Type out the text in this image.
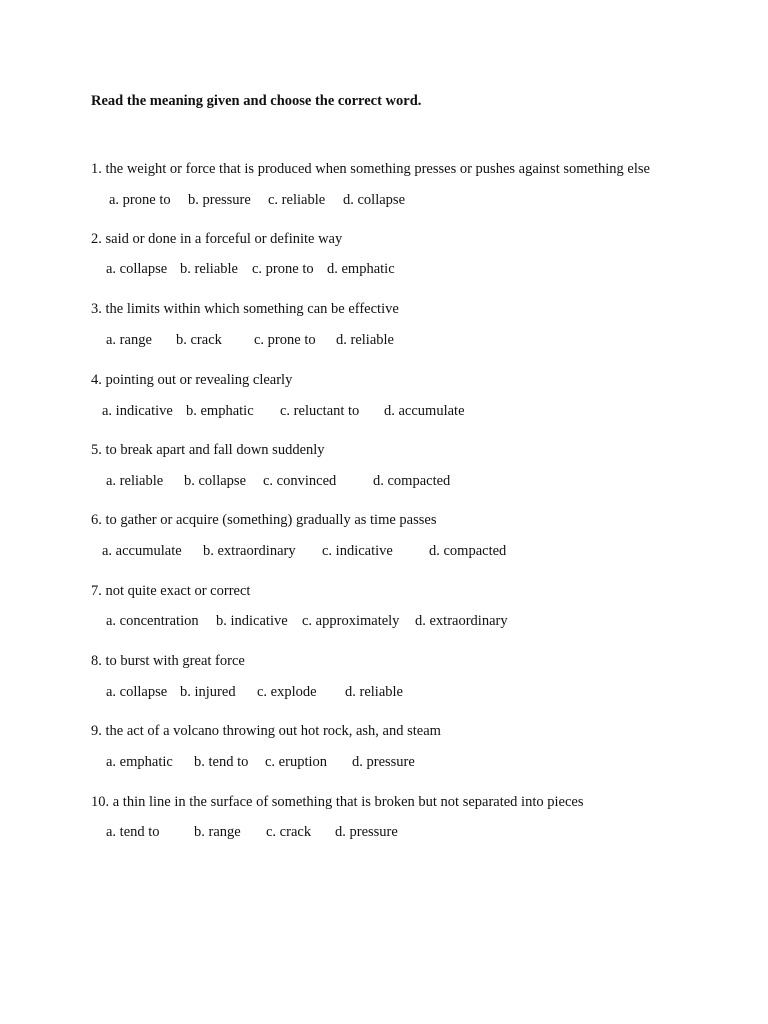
Read the meaning given and choose the correct word.
1. the weight or force that is produced when something presses or pushes against something else
a. prone to b. pressure c. reliable d. collapse
2. said or done in a forceful or definite way
a. collapse b. reliable c. prone to d. emphatic
3. the limits within which something can be effective
a. range b. crack c. prone to d. reliable
4. pointing out or revealing clearly
a. indicative b. emphatic c. reluctant to d. accumulate
5. to break apart and fall down suddenly
a. reliable b. collapse c. convinced	d. compacted
6. to gather or acquire (something) gradually as time passes
a. accumulate b. extraordinary c. indicative d. compacted
7. not quite exact or correct
a. concentration b. indicative c. approximately d. extraordinary
8. to burst with great force
a. collapse b. injured c. explode d. reliable
9. the act of a volcano throwing out hot rock, ash, and steam
a. emphatic b. tend to c. eruption d. pressure
10. a thin line in the surface of something that is broken but not separated into pieces
a. tend to b. range c. crack d. pressure
